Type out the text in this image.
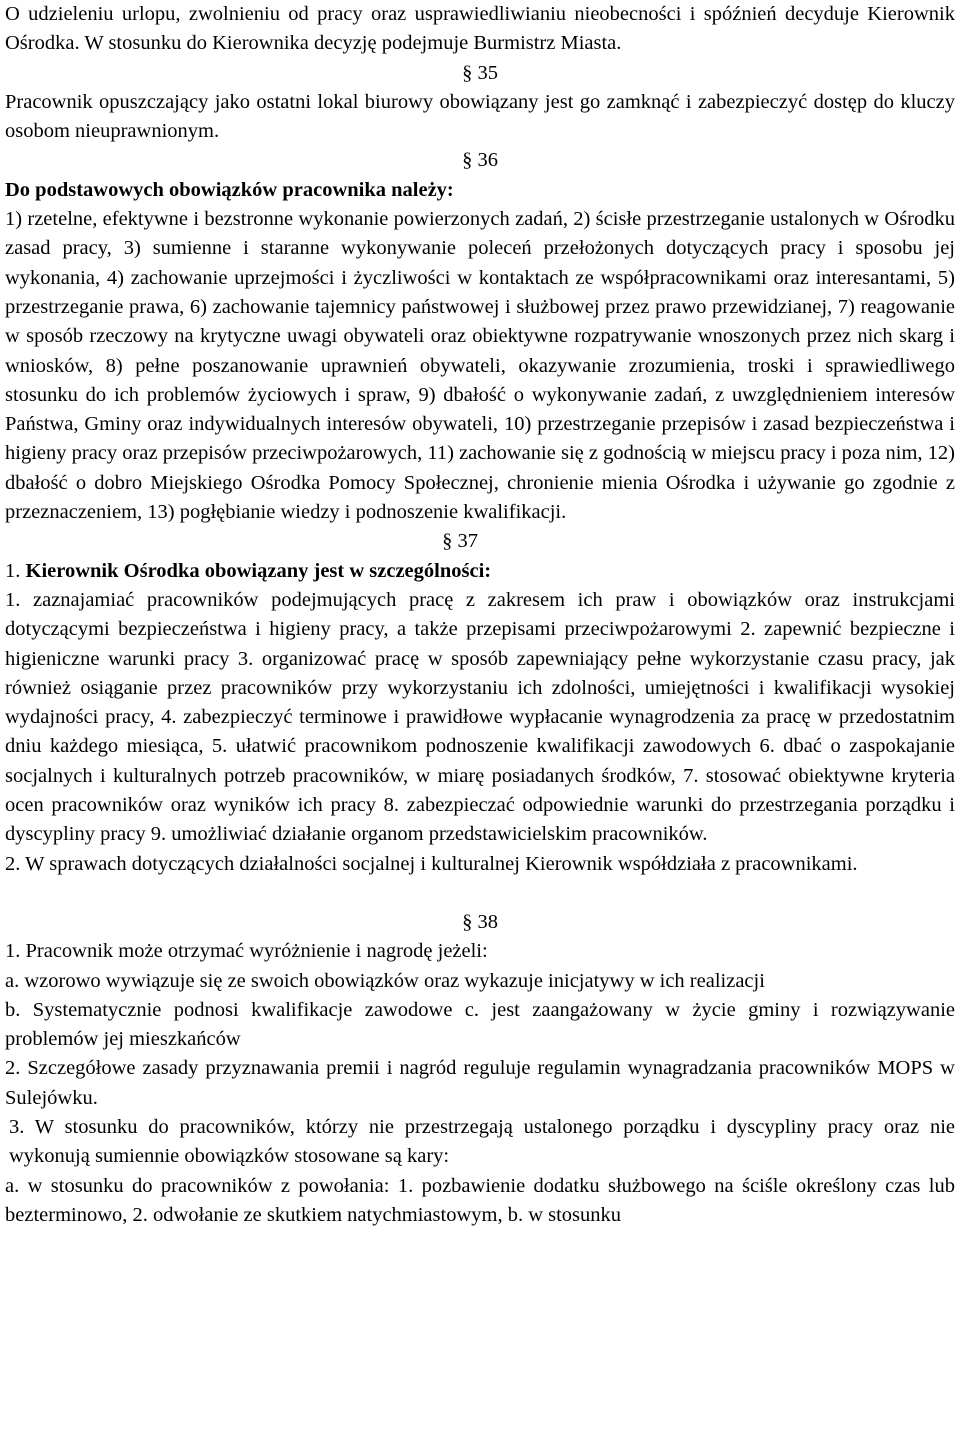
O udzieleniu urlopu, zwolnieniu od pracy oraz usprawiedliwianiu nieobecności i spóźnień decyduje Kierownik Ośrodka. W stosunku do Kierownika decyzję podejmuje Burmistrz Miasta.

§ 35

Pracownik opuszczający jako ostatni lokal biurowy obowiązany jest go zamknąć i zabezpieczyć dostęp do kluczy osobom nieuprawnionym.

§ 36

Do podstawowych obowiązków pracownika należy:

1) rzetelne, efektywne i bezstronne wykonanie powierzonych zadań, 2) ścisłe przestrzeganie ustalonych w Ośrodku zasad pracy, 3) sumienne i staranne wykonywanie poleceń przełożonych dotyczących pracy i sposobu jej wykonania, 4) zachowanie uprzejmości i życzliwości w kontaktach ze współpracownikami oraz interesantami, 5) przestrzeganie prawa, 6) zachowanie tajemnicy państwowej i służbowej przez prawo przewidzianej, 7) reagowanie w sposób rzeczowy na krytyczne uwagi obywateli oraz obiektywne rozpatrywanie wnoszonych przez nich skarg i wniosków, 8) pełne poszanowanie uprawnień obywateli, okazywanie zrozumienia, troski i sprawiedliwego stosunku do ich problemów życiowych i spraw, 9) dbałość o wykonywanie zadań, z uwzględnieniem interesów Państwa, Gminy oraz indywidualnych interesów obywateli, 10) przestrzeganie przepisów i zasad bezpieczeństwa i higieny pracy oraz przepisów przeciwpożarowych, 11) zachowanie się z godnością w miejscu pracy i poza nim, 12) dbałość o dobro Miejskiego Ośrodka Pomocy Społecznej, chronienie mienia Ośrodka i używanie go zgodnie z przeznaczeniem, 13) pogłębianie wiedzy i podnoszenie kwalifikacji.

§ 37

1. Kierownik Ośrodka obowiązany jest w szczególności:

1. zaznajamiać pracowników podejmujących pracę z zakresem ich praw i obowiązków oraz instrukcjami dotyczącymi bezpieczeństwa i higieny pracy, a także przepisami przeciwpożarowymi 2. zapewnić bezpieczne i higieniczne warunki pracy 3. organizować pracę w sposób zapewniający pełne wykorzystanie czasu pracy, jak również osiąganie przez pracowników przy wykorzystaniu ich zdolności, umiejętności i kwalifikacji wysokiej wydajności pracy, 4. zabezpieczyć terminowe i prawidłowe wypłacanie wynagrodzenia za pracę w przedostatnim dniu każdego miesiąca, 5. ułatwić pracownikom podnoszenie kwalifikacji zawodowych 6. dbać o zaspokajanie socjalnych i kulturalnych potrzeb pracowników, w miarę posiadanych środków, 7. stosować obiektywne kryteria ocen pracowników oraz wyników ich pracy 8. zabezpieczać odpowiednie warunki do przestrzegania porządku i dyscypliny pracy 9. umożliwiać działanie organom przedstawicielskim pracowników.

2. W sprawach dotyczących działalności socjalnej i kulturalnej Kierownik współdziała z pracownikami.

§ 38

1. Pracownik może otrzymać wyróżnienie i nagrodę jeżeli:

a. wzorowo wywiązuje się ze swoich obowiązków oraz wykazuje inicjatywy w ich realizacji

b. Systematycznie podnosi kwalifikacje zawodowe c. jest zaangażowany w życie gminy i rozwiązywanie problemów jej mieszkańców

2. Szczegółowe zasady przyznawania premii i nagród reguluje regulamin wynagradzania pracowników MOPS w Sulejówku.

3. W stosunku do pracowników, którzy nie przestrzegają ustalonego porządku i dyscypliny pracy oraz nie wykonują sumiennie obowiązków stosowane są kary:

a. w stosunku do pracowników z powołania: 1. pozbawienie dodatku służbowego na ściśle określony czas lub bezterminowo, 2. odwołanie ze skutkiem natychmiastowym, b. w stosunku
